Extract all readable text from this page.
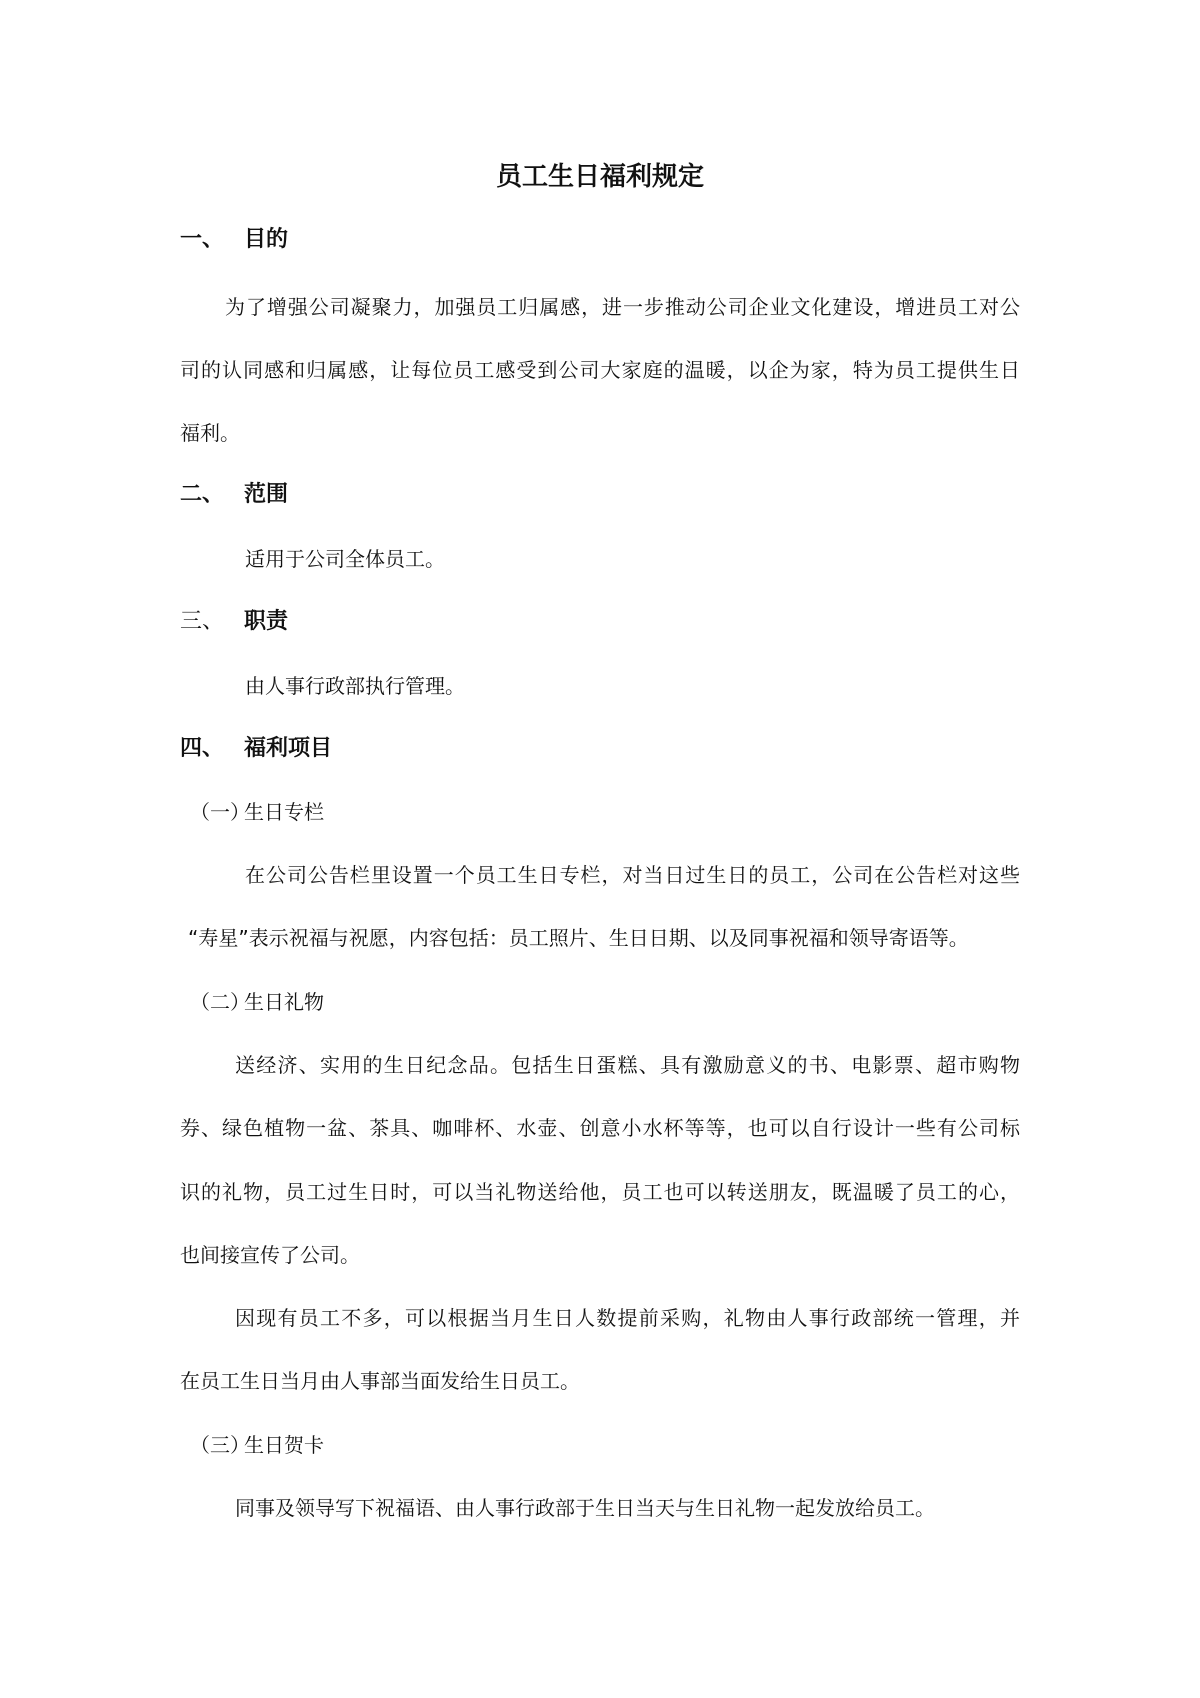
员工生日福利规定
一、 目的
为了增强公司凝聚力，加强员工归属感，进一步推动公司企业文化建设，增进员工对公
司的认同感和归属感，让每位员工感受到公司大家庭的温暖，以企为家，特为员工提供生日
福利。
二、 范围
适用于公司全体员工。
三、 职责
由人事行政部执行管理。
四、 福利项目
（一）生日专栏
在公司公告栏里设置一个员工生日专栏，对当日过生日的员工，公司在公告栏对这些
“寿星”表示祝福与祝愿，内容包括：员工照片、生日日期、以及同事祝福和领导寄语等。
（二）生日礼物
送经济、实用的生日纪念品。包括生日蛋糕、具有激励意义的书、电影票、超市购物
券、绿色植物一盆、茶具、咖啡杯、水壶、创意小水杯等等，也可以自行设计一些有公司标
识的礼物，员工过生日时，可以当礼物送给他，员工也可以转送朋友，既温暖了员工的心，
也间接宣传了公司。
因现有员工不多，可以根据当月生日人数提前采购，礼物由人事行政部统一管理，并
在员工生日当月由人事部当面发给生日员工。
（三）生日贺卡
同事及领导写下祝福语、由人事行政部于生日当天与生日礼物一起发放给员工。
